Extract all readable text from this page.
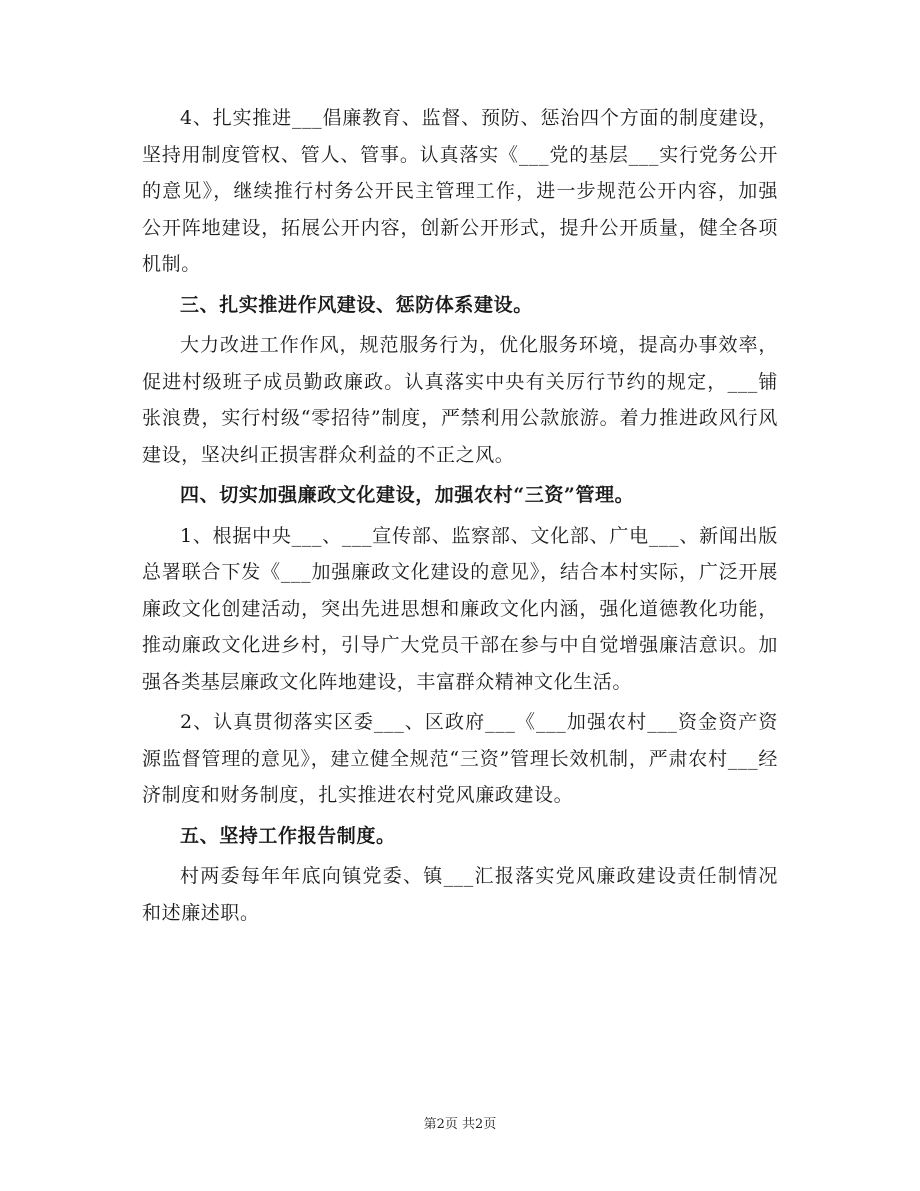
4、扎实推进___倡廉教育、监督、预防、惩治四个方面的制度建设，坚持用制度管权、管人、管事。认真落实《___党的基层___实行党务公开的意见》，继续推行村务公开民主管理工作，进一步规范公开内容，加强公开阵地建设，拓展公开内容，创新公开形式，提升公开质量，健全各项机制。

三、扎实推进作风建设、惩防体系建设。

大力改进工作作风，规范服务行为，优化服务环境，提高办事效率，促进村级班子成员勤政廉政。认真落实中央有关厉行节约的规定，___铺张浪费，实行村级“零招待”制度，严禁利用公款旅游。着力推进政风行风建设，坚决纠正损害群众利益的不正之风。

四、切实加强廉政文化建设，加强农村“三资”管理。

1、根据中央___、___宣传部、监察部、文化部、广电___、新闻出版总署联合下发《___加强廉政文化建设的意见》，结合本村实际，广泛开展廉政文化创建活动，突出先进思想和廉政文化内涵，强化道德教化功能，推动廉政文化进乡村，引导广大党员干部在参与中自觉增强廉洁意识。加强各类基层廉政文化阵地建设，丰富群众精神文化生活。

2、认真贯彻落实区委___、区政府___《___加强农村___资金资产资源监督管理的意见》，建立健全规范“三资”管理长效机制，严肃农村___经济制度和财务制度，扎实推进农村党风廉政建设。

五、坚持工作报告制度。

村两委每年年底向镇党委、镇___汇报落实党风廉政建设责任制情况和述廉述职。

第2页 共2页
